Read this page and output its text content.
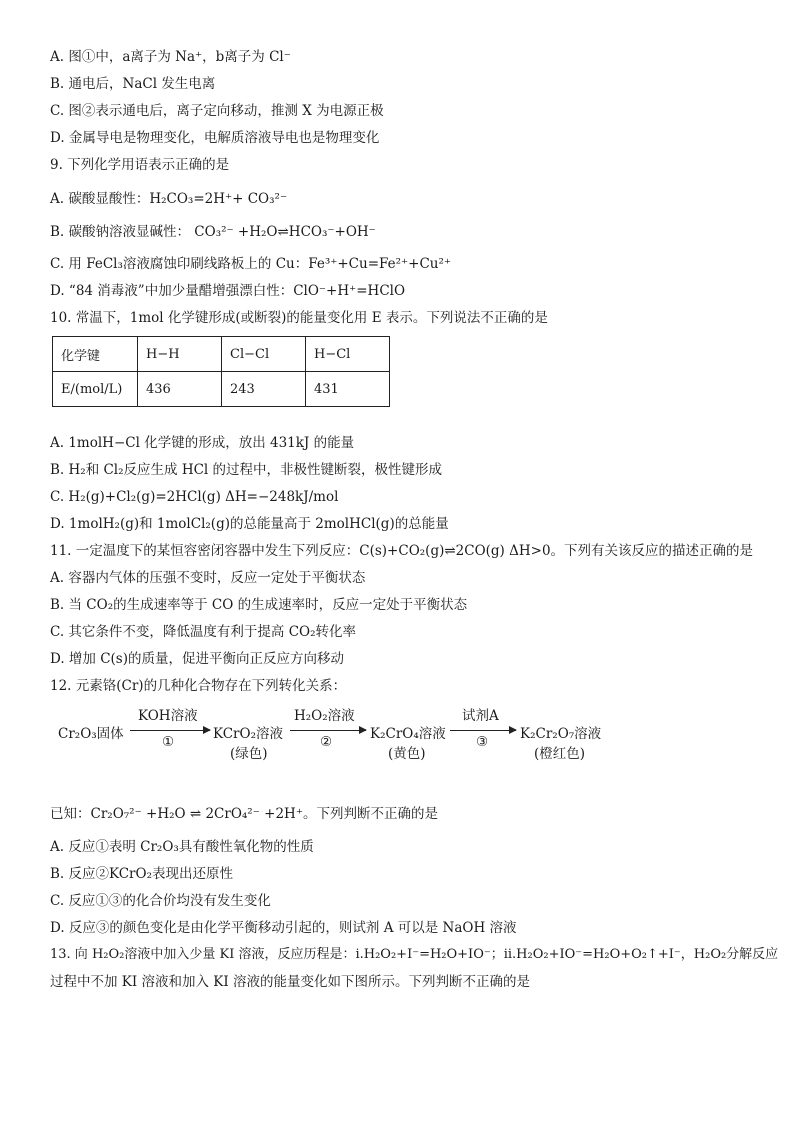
A. 图①中，a离子为 Na⁺，b离子为 Cl⁻
B. 通电后，NaCl 发生电离
C. 图②表示通电后，离子定向移动，推测 X 为电源正极
D. 金属导电是物理变化，电解质溶液导电也是物理变化
9. 下列化学用语表示正确的是
A. 碳酸显酸性：H₂CO₃=2H⁺+ CO₃²⁻
B. 碳酸钠溶液显碱性： CO₃²⁻ +H₂O⇌HCO₃⁻+OH⁻
C. 用 FeCl₃溶液腐蚀印刷线路板上的 Cu：Fe³⁺+Cu=Fe²⁺+Cu²⁺
D. “84 消毒液”中加少量醋增强漂白性：ClO⁻+H⁺=HClO
10. 常温下，1mol 化学键形成(或断裂)的能量变化用 E 表示。下列说法不正确的是
化学键	H−H	Cl−Cl	H−Cl
E/(mol/L)	436	243	431
A. 1molH−Cl 化学键的形成，放出 431kJ 的能量
B. H₂和 Cl₂反应生成 HCl 的过程中，非极性键断裂，极性键形成
C. H₂(g)+Cl₂(g)=2HCl(g) ΔH=−248kJ/mol
D. 1molH₂(g)和 1molCl₂(g)的总能量高于 2molHCl(g)的总能量
11. 一定温度下的某恒容密闭容器中发生下列反应：C(s)+CO₂(g)⇌2CO(g) ΔH>0。下列有关该反应的描述正确的是
A. 容器内气体的压强不变时，反应一定处于平衡状态
B. 当 CO₂的生成速率等于 CO 的生成速率时，反应一定处于平衡状态
C. 其它条件不变，降低温度有利于提高 CO₂转化率
D. 增加 C(s)的质量，促进平衡向正反应方向移动
12. 元素铬(Cr)的几种化合物存在下列转化关系：
Cr₂O₃固体
KOH溶液
①	KCrO₂溶液
(绿色)
H₂O₂溶液
②	K₂CrO₄溶液
(黄色)
试剂A
③ K₂Cr₂O₇溶液
(橙红色)
已知：Cr₂O₇²⁻ +H₂O ⇌ 2CrO₄²⁻ +2H⁺。下列判断不正确的是
A. 反应①表明 Cr₂O₃具有酸性氧化物的性质
B. 反应②KCrO₂表现出还原性
C. 反应①③的化合价均没有发生变化
D. 反应③的颜色变化是由化学平衡移动引起的，则试剂 A 可以是 NaOH 溶液
13. 向 H₂O₂溶液中加入少量 KI 溶液，反应历程是：i.H₂O₂+I⁻=H₂O+IO⁻；ii.H₂O₂+IO⁻=H₂O+O₂↑+I⁻，H₂O₂分解反应
过程中不加 KI 溶液和加入 KI 溶液的能量变化如下图所示。下列判断不正确的是
